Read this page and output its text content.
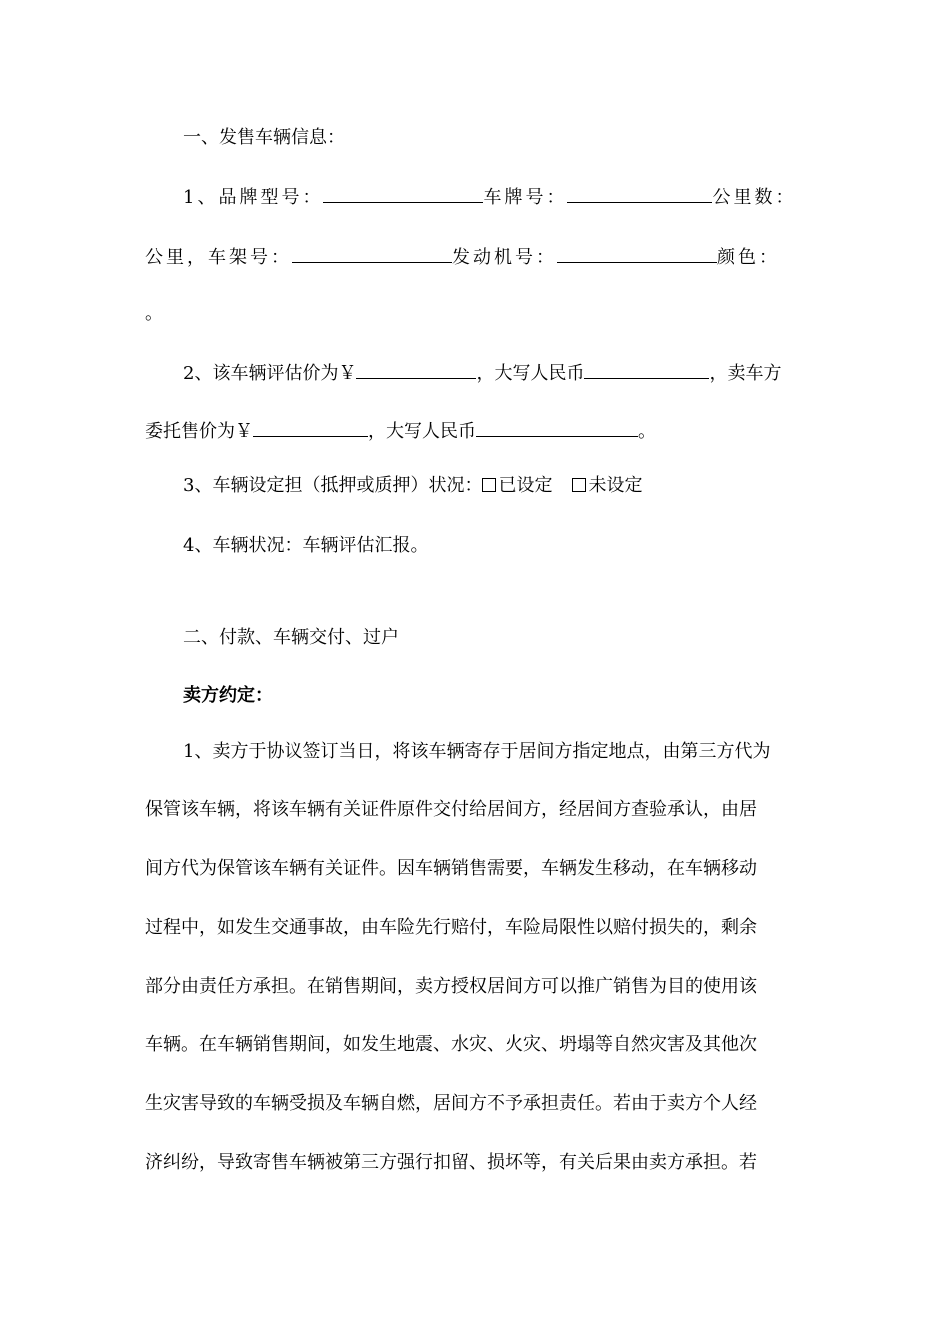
一、发售车辆信息：
1、品牌型号：	车牌号：	公里数：
公里，车架号：	发动机号：	颜色：
。
2、该车辆评估价为￥	，大写人民币	，卖车方
委托售价为￥	，大写人民币	。
3、车辆设定担（抵押或质押）状况： 已设定 未设定
4、车辆状况：车辆评估汇报。
二、付款、车辆交付、过户
卖方约定：
1、卖方于协议签订当日，将该车辆寄存于居间方指定地点，由第三方代为
保管该车辆，将该车辆有关证件原件交付给居间方，经居间方查验承认，由居
间方代为保管该车辆有关证件。因车辆销售需要，车辆发生移动，在车辆移动
过程中，如发生交通事故，由车险先行赔付，车险局限性以赔付损失的，剩余
部分由责任方承担。在销售期间，卖方授权居间方可以推广销售为目的使用该
车辆。在车辆销售期间，如发生地震、水灾、火灾、坍塌等自然灾害及其他次
生灾害导致的车辆受损及车辆自燃，居间方不予承担责任。若由于卖方个人经
济纠纷，导致寄售车辆被第三方强行扣留、损坏等，有关后果由卖方承担。若
